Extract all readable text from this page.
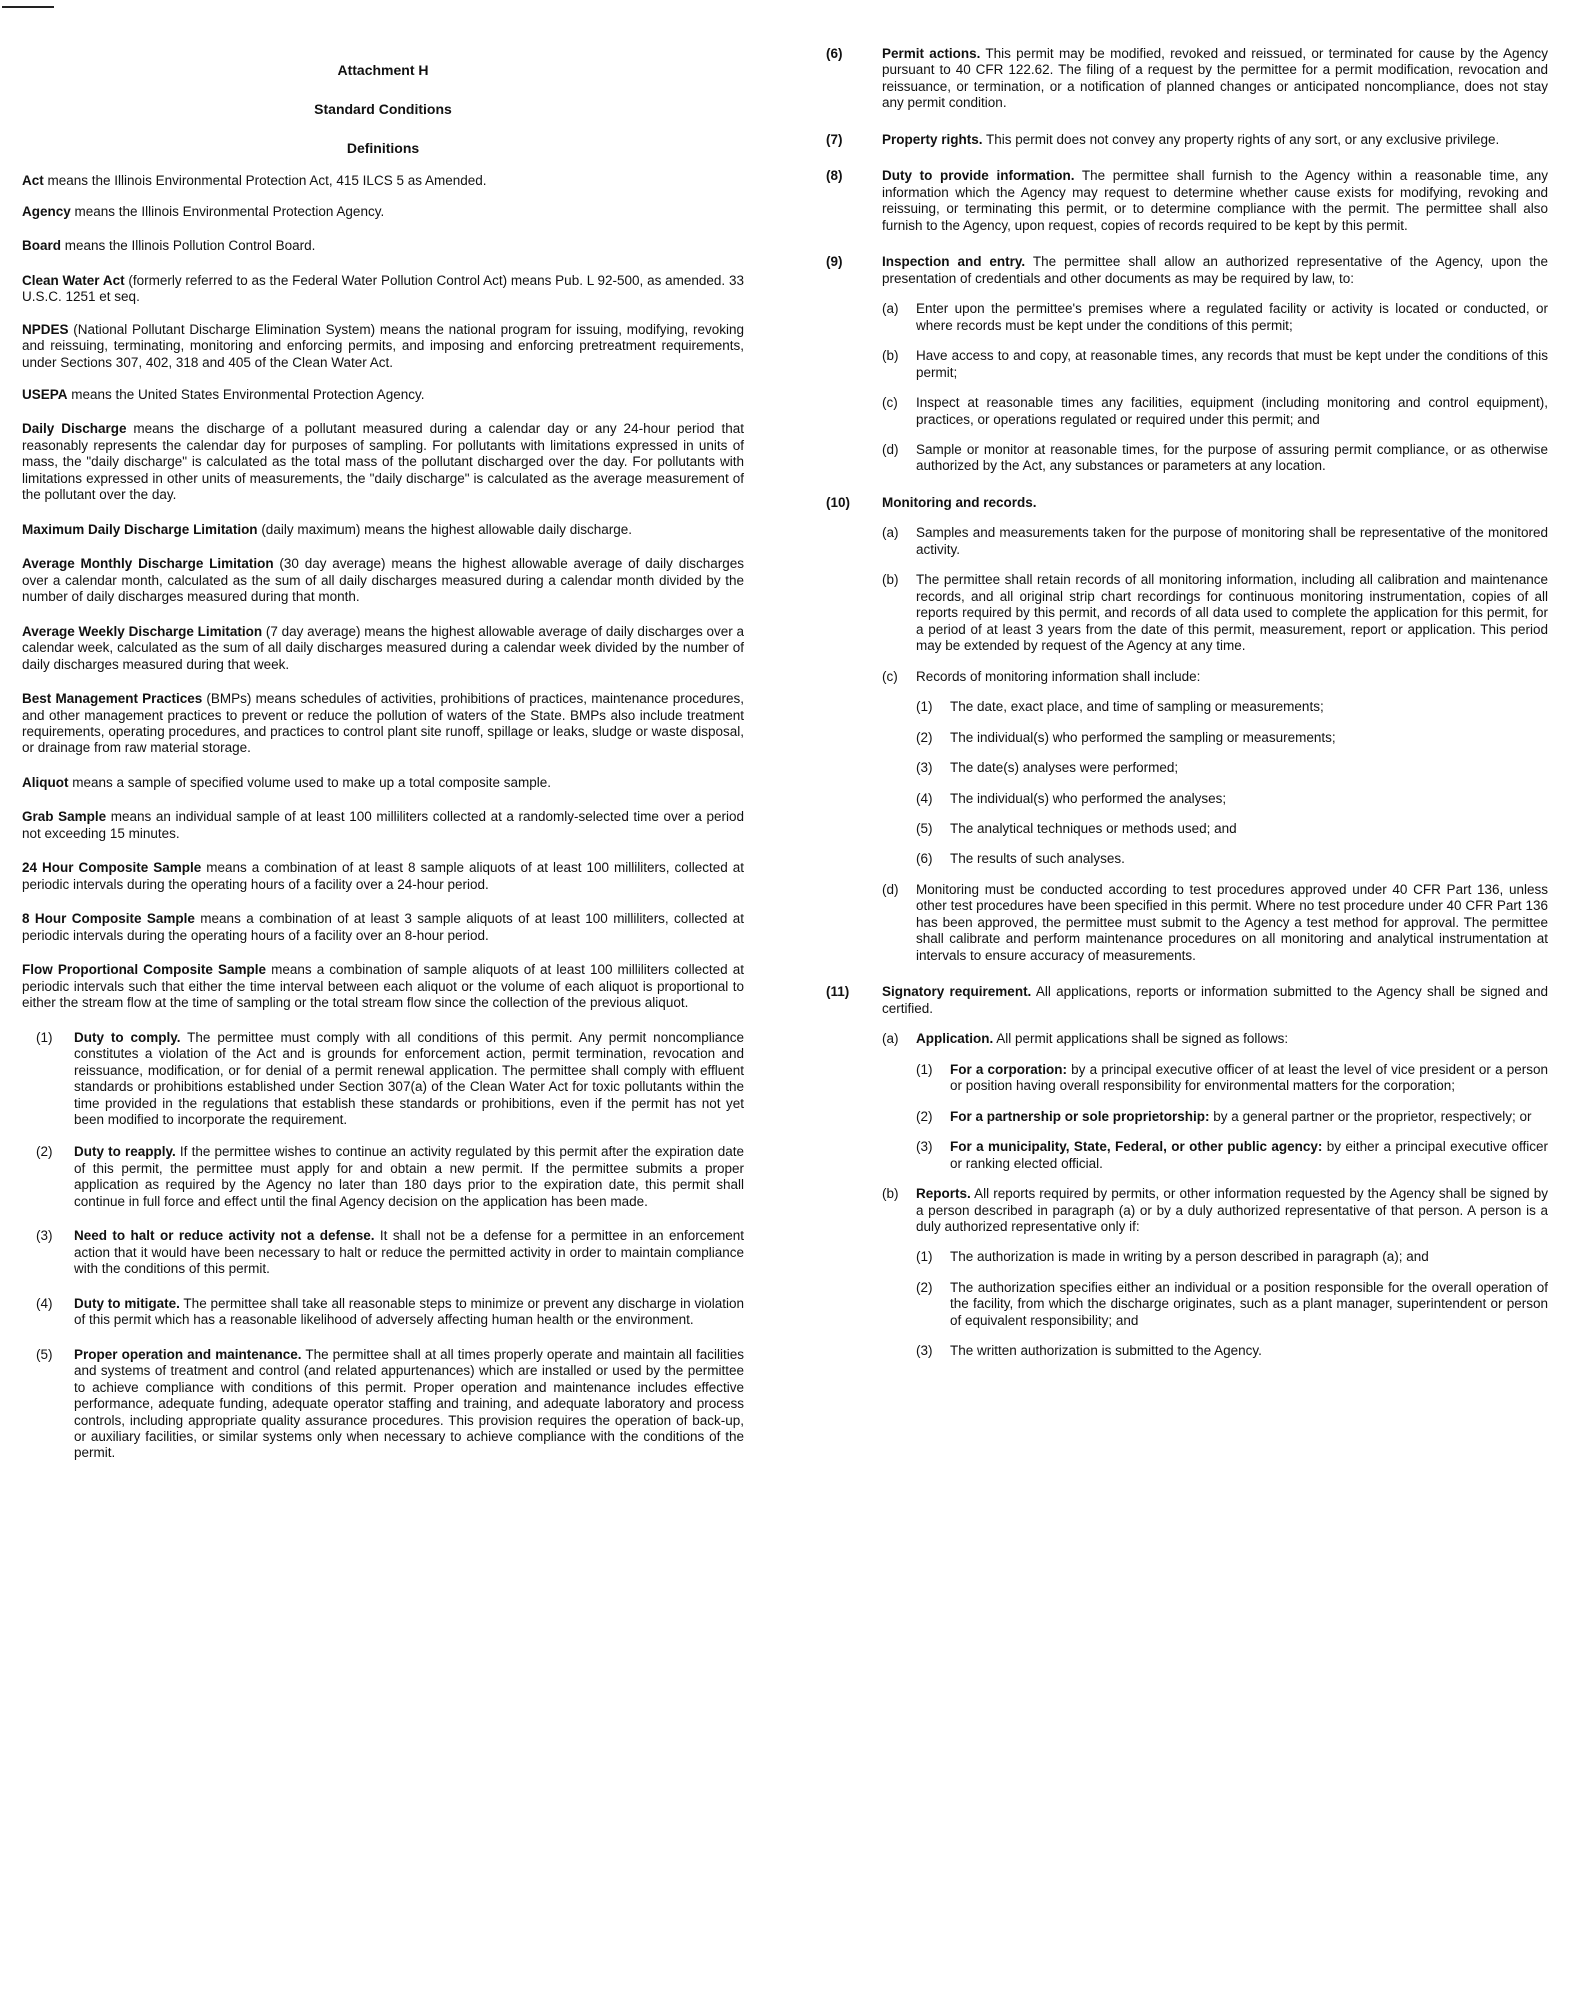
Attachment H
Standard Conditions
Definitions

Act means the Illinois Environmental Protection Act, 415 ILCS 5 as Amended.

Agency means the Illinois Environmental Protection Agency.

Board means the Illinois Pollution Control Board.

Clean Water Act (formerly referred to as the Federal Water Pollution Control Act) means Pub. L 92-500, as amended. 33 U.S.C. 1251 et seq.

NPDES (National Pollutant Discharge Elimination System) means the national program for issuing, modifying, revoking and reissuing, terminating, monitoring and enforcing permits, and imposing and enforcing pretreatment requirements, under Sections 307, 402, 318 and 405 of the Clean Water Act.

USEPA means the United States Environmental Protection Agency.

Daily Discharge means the discharge of a pollutant measured during a calendar day or any 24-hour period that reasonably represents the calendar day for purposes of sampling. For pollutants with limitations expressed in units of mass, the "daily discharge" is calculated as the total mass of the pollutant discharged over the day. For pollutants with limitations expressed in other units of measurements, the "daily discharge" is calculated as the average measurement of the pollutant over the day.

Maximum Daily Discharge Limitation (daily maximum) means the highest allowable daily discharge.

Average Monthly Discharge Limitation (30 day average) means the highest allowable average of daily discharges over a calendar month, calculated as the sum of all daily discharges measured during a calendar month divided by the number of daily discharges measured during that month.

Average Weekly Discharge Limitation (7 day average) means the highest allowable average of daily discharges over a calendar week, calculated as the sum of all daily discharges measured during a calendar week divided by the number of daily discharges measured during that week.

Best Management Practices (BMPs) means schedules of activities, prohibitions of practices, maintenance procedures, and other management practices to prevent or reduce the pollution of waters of the State. BMPs also include treatment requirements, operating procedures, and practices to control plant site runoff, spillage or leaks, sludge or waste disposal, or drainage from raw material storage.

Aliquot means a sample of specified volume used to make up a total composite sample.

Grab Sample means an individual sample of at least 100 milliliters collected at a randomly-selected time over a period not exceeding 15 minutes.

24 Hour Composite Sample means a combination of at least 8 sample aliquots of at least 100 milliliters, collected at periodic intervals during the operating hours of a facility over a 24-hour period.

8 Hour Composite Sample means a combination of at least 3 sample aliquots of at least 100 milliliters, collected at periodic intervals during the operating hours of a facility over an 8-hour period.

Flow Proportional Composite Sample means a combination of sample aliquots of at least 100 milliliters collected at periodic intervals such that either the time interval between each aliquot or the volume of each aliquot is proportional to either the stream flow at the time of sampling or the total stream flow since the collection of the previous aliquot.

(1) Duty to comply. The permittee must comply with all conditions of this permit. Any permit noncompliance constitutes a violation of the Act and is grounds for enforcement action, permit termination, revocation and reissuance, modification, or for denial of a permit renewal application. The permittee shall comply with effluent standards or prohibitions established under Section 307(a) of the Clean Water Act for toxic pollutants within the time provided in the regulations that establish these standards or prohibitions, even if the permit has not yet been modified to incorporate the requirement.
(2) Duty to reapply. If the permittee wishes to continue an activity regulated by this permit after the expiration date of this permit, the permittee must apply for and obtain a new permit. If the permittee submits a proper application as required by the Agency no later than 180 days prior to the expiration date, this permit shall continue in full force and effect until the final Agency decision on the application has been made.
(3) Need to halt or reduce activity not a defense. It shall not be a defense for a permittee in an enforcement action that it would have been necessary to halt or reduce the permitted activity in order to maintain compliance with the conditions of this permit.
(4) Duty to mitigate. The permittee shall take all reasonable steps to minimize or prevent any discharge in violation of this permit which has a reasonable likelihood of adversely affecting human health or the environment.
(5) Proper operation and maintenance. The permittee shall at all times properly operate and maintain all facilities and systems of treatment and control (and related appurtenances) which are installed or used by the permittee to achieve compliance with conditions of this permit. Proper operation and maintenance includes effective performance, adequate funding, adequate operator staffing and training, and adequate laboratory and process controls, including appropriate quality assurance procedures. This provision requires the operation of back-up, or auxiliary facilities, or similar systems only when necessary to achieve compliance with the conditions of the permit.
(6)	Permit actions. This permit may be modified, revoked and reissued, or terminated for cause by the Agency pursuant to 40 CFR 122.62. The filing of a request by the permittee for a permit modification, revocation and reissuance, or termination, or a notification of planned changes or anticipated noncompliance, does not stay any permit condition.
(7)	Property rights. This permit does not convey any property rights of any sort, or any exclusive privilege.
(8)	Duty to provide information. The permittee shall furnish to the Agency within a reasonable time, any information which the Agency may request to determine whether cause exists for modifying, revoking and reissuing, or terminating this permit, or to determine compliance with the permit. The permittee shall also furnish to the Agency, upon request, copies of records required to be kept by this permit.
(9)	Inspection and entry. The permittee shall allow an authorized representative of the Agency, upon the presentation of credentials and other documents as may be required by law, to:

(a) Enter upon the permittee's premises where a regulated facility or activity is located or conducted, or where records must be kept under the conditions of this permit;
(b) Have access to and copy, at reasonable times, any records that must be kept under the conditions of this permit;
(c) Inspect at reasonable times any facilities, equipment (including monitoring and control equipment), practices, or operations regulated or required under this permit; and
(d) Sample or monitor at reasonable times, for the purpose of assuring permit compliance, or as otherwise authorized by the Act, any substances or parameters at any location.
(10) Monitoring and records.

(a) Samples and measurements taken for the purpose of monitoring shall be representative of the monitored activity.
(b) The permittee shall retain records of all monitoring information, including all calibration and maintenance records, and all original strip chart recordings for continuous monitoring instrumentation, copies of all reports required by this permit, and records of all data used to complete the application for this permit, for a period of at least 3 years from the date of this permit, measurement, report or application. This period may be extended by request of the Agency at any time.
(c) Records of monitoring information shall include:
(1) The date, exact place, and time of sampling or measurements;
(2) The individual(s) who performed the sampling or measurements;
(3) The date(s) analyses were performed;
(4) The individual(s) who performed the analyses;
(5) The analytical techniques or methods used; and
(6) The results of such analyses.
(d) Monitoring must be conducted according to test procedures approved under 40 CFR Part 136, unless other test procedures have been specified in this permit. Where no test procedure under 40 CFR Part 136 has been approved, the permittee must submit to the Agency a test method for approval. The permittee shall calibrate and perform maintenance procedures on all monitoring and analytical instrumentation at intervals to ensure accuracy of measurements.
(11) Signatory requirement. All applications, reports or information submitted to the Agency shall be signed and certified.

(a) Application. All permit applications shall be signed as follows:
(1) For a corporation: by a principal executive officer of at least the level of vice president or a person or position having overall responsibility for environmental matters for the corporation;
(2) For a partnership or sole proprietorship: by a general partner or the proprietor, respectively; or
(3) For a municipality, State, Federal, or other public agency: by either a principal executive officer or ranking elected official.
(b) Reports. All reports required by permits, or other information requested by the Agency shall be signed by a person described in paragraph (a) or by a duly authorized representative of that person. A person is a duly authorized representative only if:
(1) The authorization is made in writing by a person described in paragraph (a); and
(2) The authorization specifies either an individual or a position responsible for the overall operation of the facility, from which the discharge originates, such as a plant manager, superintendent or person of equivalent responsibility; and
(3) The written authorization is submitted to the Agency.
